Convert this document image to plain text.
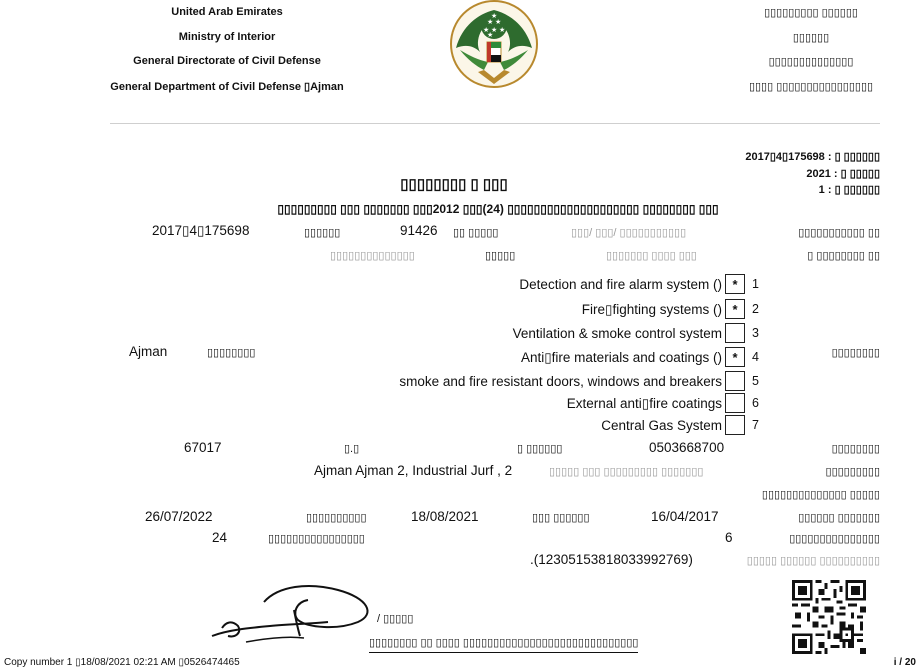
United Arab Emirates
Ministry of Interior
General Directorate of Civil Defense
General Department of Civil Defense ▯Ajman
▯▯▯▯▯▯▯▯▯ ▯▯▯▯▯▯
▯▯▯▯▯▯
▯▯▯▯▯▯▯▯▯▯▯▯▯▯
▯▯▯▯ ▯▯▯▯▯▯▯▯▯▯▯▯▯▯▯▯
★ ★
★ ★ ★
★
★
2017▯4▯175698 : ▯ ▯▯▯▯▯▯
2021 : ▯ ▯▯▯▯▯
1 : ▯ ▯▯▯▯▯▯
▯▯▯▯▯▯▯▯ ▯ ▯▯▯
▯▯▯▯▯▯▯▯▯ ▯▯▯ ▯▯▯▯▯▯▯ ▯▯▯2012 ▯▯▯(24) ▯▯▯▯▯▯▯▯▯▯▯▯▯▯▯▯▯▯▯▯ ▯▯▯▯▯▯▯▯ ▯▯▯
2017▯4▯175698	▯▯▯▯▯▯	91426 ▯▯ ▯▯▯▯▯	▯▯▯/ ▯▯▯/ ▯▯▯▯▯▯▯▯▯▯▯	▯▯▯▯▯▯▯▯▯▯▯ ▯▯
▯▯▯▯▯▯▯▯▯▯▯▯▯▯	▯▯▯▯▯	▯▯▯▯▯▯▯ ▯▯▯▯ ▯▯▯	▯ ▯▯▯▯▯▯▯▯ ▯▯
Detection and fire alarm system () *	1
Fire▯fighting systems () *	2
Ventilation & smoke control system 3
Anti▯fire materials and coatings () *	4
smoke and fire resistant doors, windows and breakers 5
External anti▯fire coatings 6
Central Gas System 7
Ajman	▯▯▯▯▯▯▯▯	▯▯▯▯▯▯▯▯
67017	▯.▯	▯ ▯▯▯▯▯▯	0503668700	▯▯▯▯▯▯▯▯
Ajman Ajman 2, Industrial Jurf , 2	▯▯▯▯▯ ▯▯▯ ▯▯▯▯▯▯▯▯▯ ▯▯▯▯▯▯▯	▯▯▯▯▯▯▯▯▯
▯▯▯▯▯▯▯▯▯▯▯▯▯▯ ▯▯▯▯▯
26/07/2022	▯▯▯▯▯▯▯▯▯▯	18/08/2021	▯▯▯ ▯▯▯▯▯▯	16/04/2017	▯▯▯▯▯▯ ▯▯▯▯▯▯▯
24	▯▯▯▯▯▯▯▯▯▯▯▯▯▯▯▯	6	▯▯▯▯▯▯▯▯▯▯▯▯▯▯▯
.(12305153818033992769)	▯▯▯▯▯ ▯▯▯▯▯▯ ▯▯▯▯▯▯▯▯▯▯
/ ▯▯▯▯▯
▯▯▯▯▯▯▯▯ ▯▯ ▯▯▯▯ ▯▯▯▯▯▯▯▯▯▯▯▯▯▯▯▯▯▯▯▯▯▯▯▯▯▯▯▯▯
Copy number 1 ▯18/08/2021 02:21 AM ▯0526474465	i / 20
